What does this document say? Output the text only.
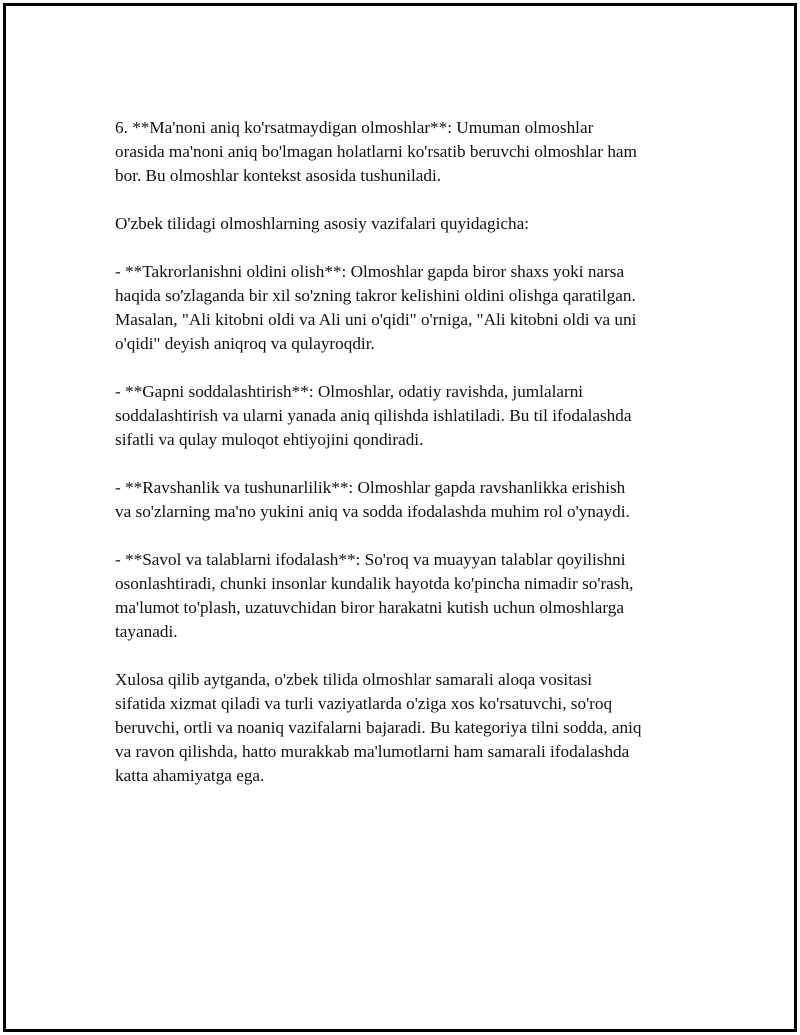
6. **Ma'noni aniq ko'rsatmaydigan olmoshlar**: Umuman olmoshlar
orasida ma'noni aniq bo'lmagan holatlarni ko'rsatib beruvchi olmoshlar ham
bor. Bu olmoshlar kontekst asosida tushuniladi.

O'zbek tilidagi olmoshlarning asosiy vazifalari quyidagicha:

- **Takrorlanishni oldini olish**: Olmoshlar gapda biror shaxs yoki narsa
haqida so'zlaganda bir xil so'zning takror kelishini oldini olishga qaratilgan.
Masalan, "Ali kitobni oldi va Ali uni o'qidi" o'rniga, "Ali kitobni oldi va uni
o'qidi" deyish aniqroq va qulayroqdir.

- **Gapni soddalashtirish**: Olmoshlar, odatiy ravishda, jumlalarni
soddalashtirish va ularni yanada aniq qilishda ishlatiladi. Bu til ifodalashda
sifatli va qulay muloqot ehtiyojini qondiradi.

- **Ravshanlik va tushunarlilik**: Olmoshlar gapda ravshanlikka erishish
va so'zlarning ma'no yukini aniq va sodda ifodalashda muhim rol o'ynaydi.

- **Savol va talablarni ifodalash**: So'roq va muayyan talablar qoyilishni
osonlashtiradi, chunki insonlar kundalik hayotda ko'pincha nimadir so'rash,
ma'lumot to'plash, uzatuvchidan biror harakatni kutish uchun olmoshlarga
tayanadi.

Xulosa qilib aytganda, o'zbek tilida olmoshlar samarali aloqa vositasi
sifatida xizmat qiladi va turli vaziyatlarda o'ziga xos ko'rsatuvchi, so'roq
beruvchi, ortli va noaniq vazifalarni bajaradi. Bu kategoriya tilni sodda, aniq
va ravon qilishda, hatto murakkab ma'lumotlarni ham samarali ifodalashda
katta ahamiyatga ega.
